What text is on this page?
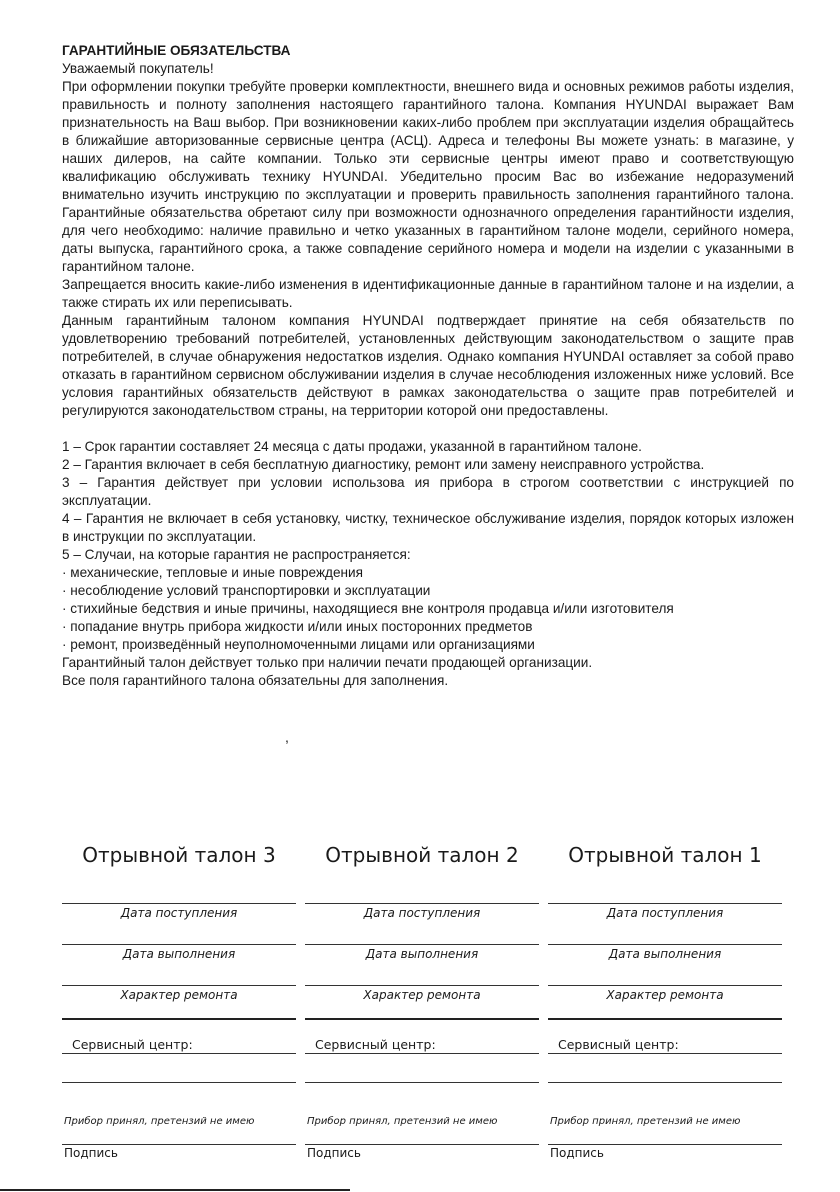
ГАРАНТИЙНЫЕ ОБЯЗАТЕЛЬСТВА

Уважаемый покупатель!

При оформлении покупки требуйте проверки комплектности, внешнего вида и основных режимов работы изделия, правильность и полноту заполнения настоящего гарантийного талона. Компания HYUNDAI выражает Вам признательность на Ваш выбор. При возникновении каких-либо проблем при эксплуатации изделия обращайтесь в ближайшие авторизованные сервисные центра (АСЦ). Адреса и телефоны Вы можете узнать: в магазине, у наших дилеров, на сайте компании. Только эти сервисные центры имеют право и соответствующую квалификацию обслуживать технику HYUNDAI. Убедительно просим Вас во избежание недоразумений внимательно изучить инструкцию по эксплуатации и проверить правильность заполнения гарантийного талона. Гарантийные обязательства обретают силу при возможности однозначного определения гарантийности изделия, для чего необходимо: наличие правильно и четко указанных в гарантийном талоне модели, серийного номера, даты выпуска, гарантийного срока, а также совпадение серийного номера и модели на изделии с указанными в гарантийном талоне.

Запрещается вносить какие-либо изменения в идентификационные данные в гарантийном талоне и на изделии, а также стирать их или переписывать.

Данным гарантийным талоном компания HYUNDAI подтверждает принятие на себя обязательств по удовлетворению требований потребителей, установленных действующим законодательством о защите прав потребителей, в случае обнаружения недостатков изделия. Однако компания HYUNDAI оставляет за собой право отказать в гарантийном сервисном обслуживании изделия в случае несоблюдения изложенных ниже условий. Все условия гарантийных обязательств действуют в рамках законодательства о защите прав потребителей и регулируются законодательством страны, на территории которой они предоставлены.

1 – Срок гарантии составляет 24 месяца с даты продажи, указанной в гарантийном талоне.

2 – Гарантия включает в себя бесплатную диагностику, ремонт или замену неисправного устройства.

3 – Гарантия действует при условии использова ия прибора в строгом соответствии с инструкцией по эксплуатации.

4 – Гарантия не включает в себя установку, чистку, техническое обслуживание изделия, порядок которых изложен в инструкции по эксплуатации.

5 – Случаи, на которые гарантия не распространяется:

· механические, тепловые и иные повреждения

· несоблюдение условий транспортировки и эксплуатации

· стихийные бедствия и иные причины, находящиеся вне контроля продавца и/или изготовителя

· попадание внутрь прибора жидкости и/или иных посторонних предметов

· ремонт, произведённый неуполномоченными лицами или организациями

Гарантийный талон действует только при наличии печати продающей организации.

Все поля гарантийного талона обязательны для заполнения.

,

Отрывной талон 3

Дата поступления
Дата выполнения
Характер ремонта
Сервисный центр:
Прибор принял, претензий не имею
Подпись

Отрывной талон 2

Дата поступления
Дата выполнения
Характер ремонта
Сервисный центр:
Прибор принял, претензий не имею
Подпись

Отрывной талон 1

Дата поступления
Дата выполнения
Характер ремонта
Сервисный центр:
Прибор принял, претензий не имею
Подпись
